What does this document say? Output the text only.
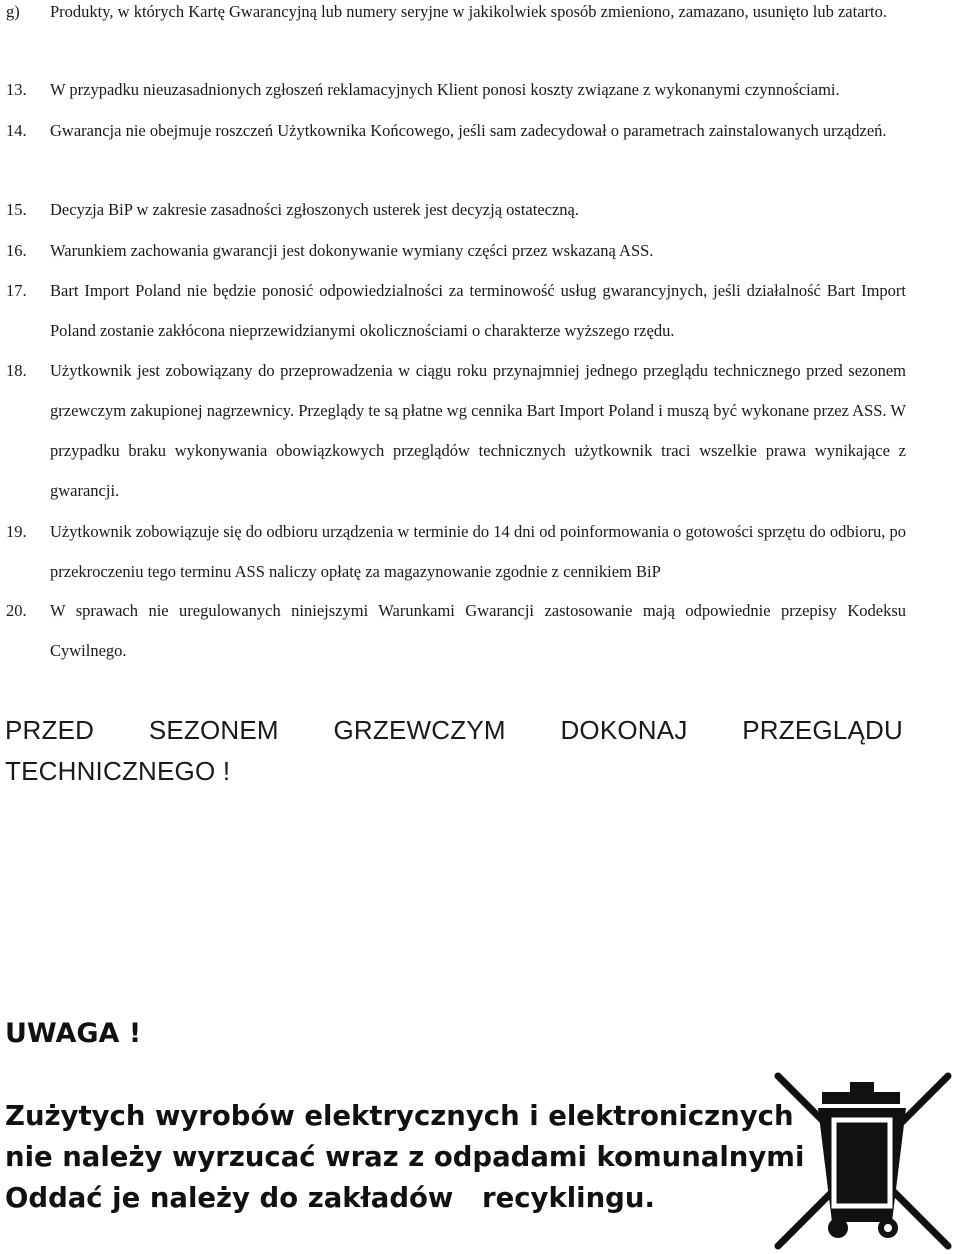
g) Produkty, w których Kartę Gwarancyjną lub numery seryjne w jakikolwiek sposób zmieniono, zamazano, usunięto lub zatarto.
13. W przypadku nieuzasadnionych zgłoszeń reklamacyjnych Klient ponosi koszty związane z wykonanymi czynnościami.
14. Gwarancja nie obejmuje roszczeń Użytkownika Końcowego, jeśli sam zadecydował o parametrach zainstalowanych urządzeń.
15. Decyzja BiP w zakresie zasadności zgłoszonych usterek jest decyzją ostateczną.
16. Warunkiem zachowania gwarancji jest dokonywanie wymiany części przez wskazaną ASS.
17. Bart Import Poland nie będzie ponosić odpowiedzialności za terminowość usług gwarancyjnych, jeśli działalność Bart Import Poland zostanie zakłócona nieprzewidzianymi okolicznościami o charakterze wyższego rzędu.
18. Użytkownik jest zobowiązany do przeprowadzenia w ciągu roku przynajmniej jednego przeglądu technicznego przed sezonem grzewczym zakupionej nagrzewnicy. Przeglądy te są płatne wg cennika Bart Import Poland i muszą być wykonane przez ASS. W przypadku braku wykonywania obowiązkowych przeglądów technicznych użytkownik traci wszelkie prawa wynikające z gwarancji.
19. Użytkownik zobowiązuje się do odbioru urządzenia w terminie do 14 dni od poinformowania o gotowości sprzętu do odbioru, po przekroczeniu tego terminu ASS naliczy opłatę za magazynowanie zgodnie z cennikiem BiP
20. W sprawach nie uregulowanych niniejszymi Warunkami Gwarancji zastosowanie mają odpowiednie przepisy Kodeksu Cywilnego.
PRZED SEZONEM GRZEWCZYM DOKONAJ PRZEGLĄDU
TECHNICZNEGO !
UWAGA !
Zużytych wyrobów elektrycznych i elektronicznych
nie należy wyrzucać wraz z odpadami komunalnymi
Oddać je należy do zakładów   recyklingu.
